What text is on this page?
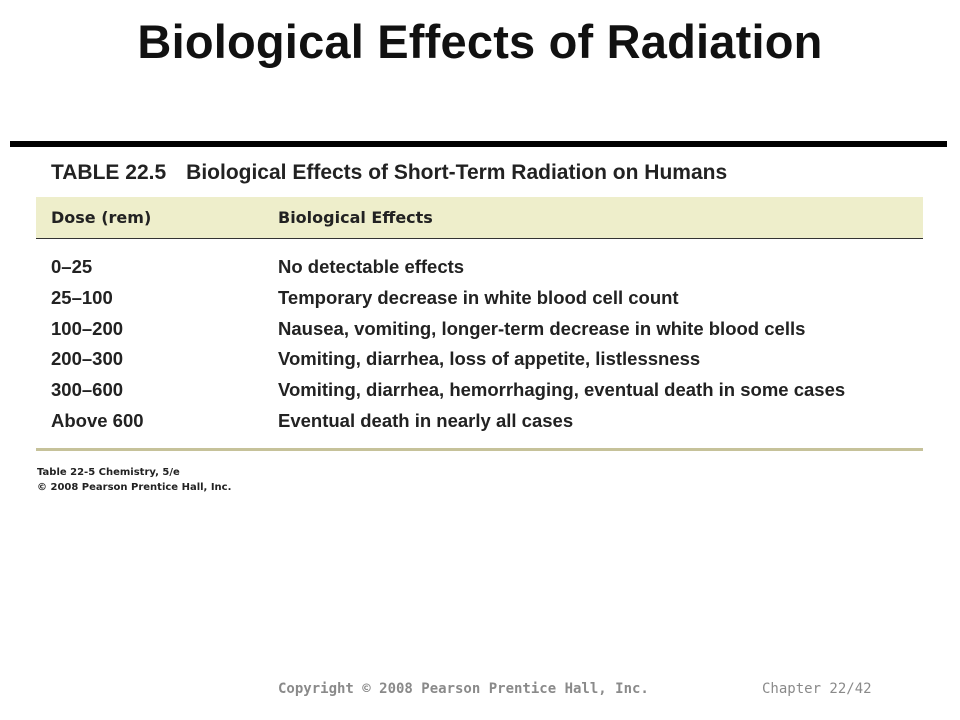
Biological Effects of Radiation
TABLE 22.5 Biological Effects of Short-Term Radiation on Humans
Dose (rem)	Biological Effects
0–25	No detectable effects
25–100	Temporary decrease in white blood cell count
100–200	Nausea, vomiting, longer-term decrease in white blood cells
200–300	Vomiting, diarrhea, loss of appetite, listlessness
300–600	Vomiting, diarrhea, hemorrhaging, eventual death in some cases
Above 600	Eventual death in nearly all cases
Table 22-5 Chemistry, 5/e
© 2008 Pearson Prentice Hall, Inc.
Copyright © 2008 Pearson Prentice Hall, Inc.	Chapter 22/42
